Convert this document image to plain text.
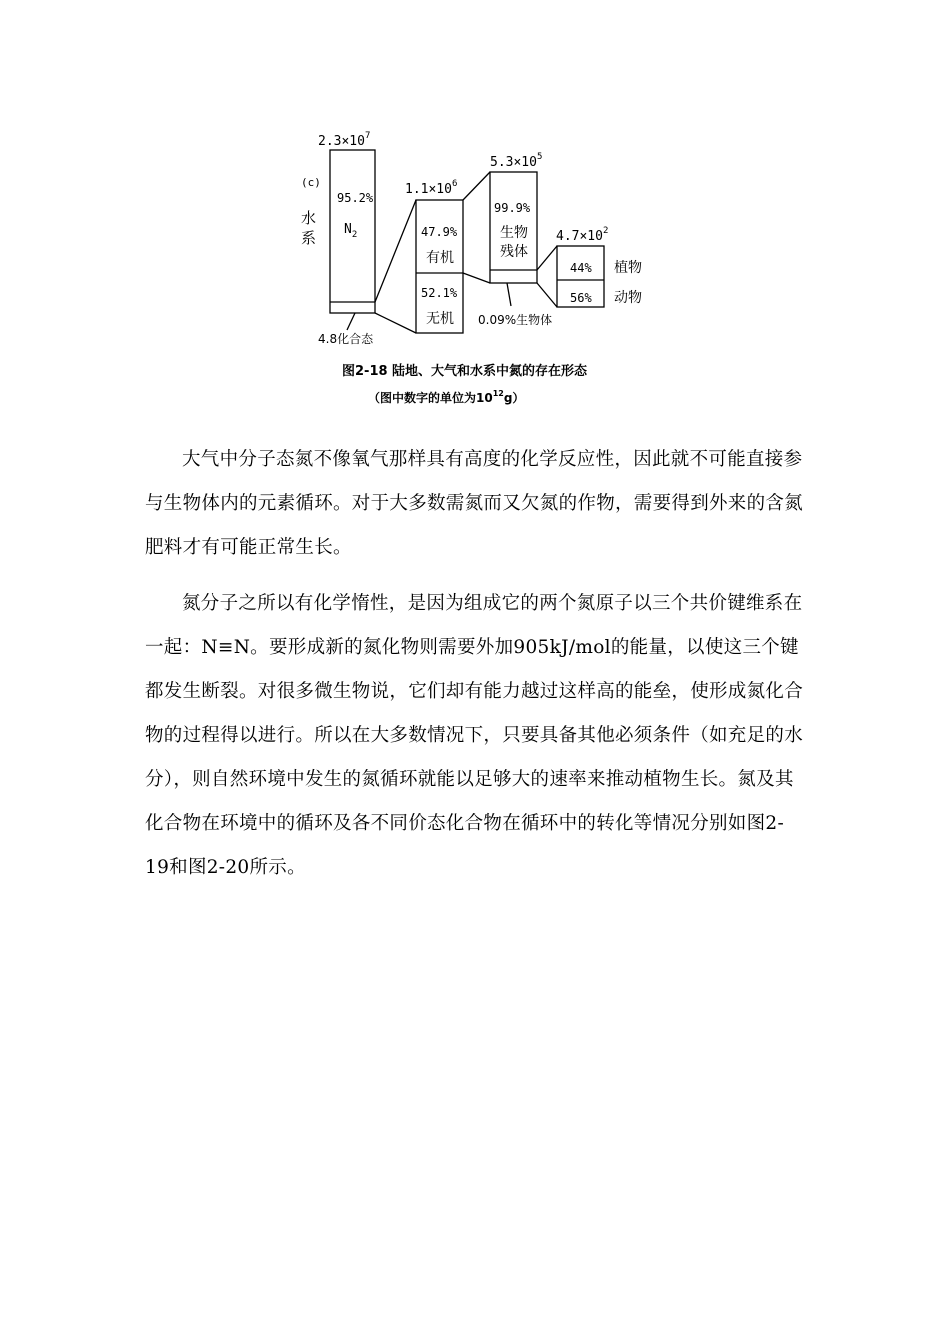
$2.3\times 10^7$
(c)
水
系
95.2%
$N_2$
4.8化合态
$1.1\times 10^6$
47.9%
有机
52.1%
无机
$5.3\times 10^5$
99.9%
生物
残体
0.09%生物体
$4.7\times 10^2$
44%
56%
植物
动物
图2-18 陆地、大气和水系中氮的存在形态
（图中数字的单位为$10^{12}g$）

大气中分子态氮不像氧气那样具有高度的化学反应性，因此就不可能直接参与生物体内的元素循环。对于大多数需氮而又欠氮的作物，需要得到外来的含氮肥料才有可能正常生长。

氮分子之所以有化学惰性，是因为组成它的两个氮原子以三个共价键维系在一起：N≡N。要形成新的氮化物则需要外加905kJ/mol的能量，以使这三个键都发生断裂。对很多微生物说，它们却有能力越过这样高的能垒，使形成氮化合物的过程得以进行。所以在大多数情况下，只要具备其他必须条件（如充足的水分），则自然环境中发生的氮循环就能以足够大的速率来推动植物生长。氮及其化合物在环境中的循环及各不同价态化合物在循环中的转化等情况分别如图2-19和图2-20所示。
